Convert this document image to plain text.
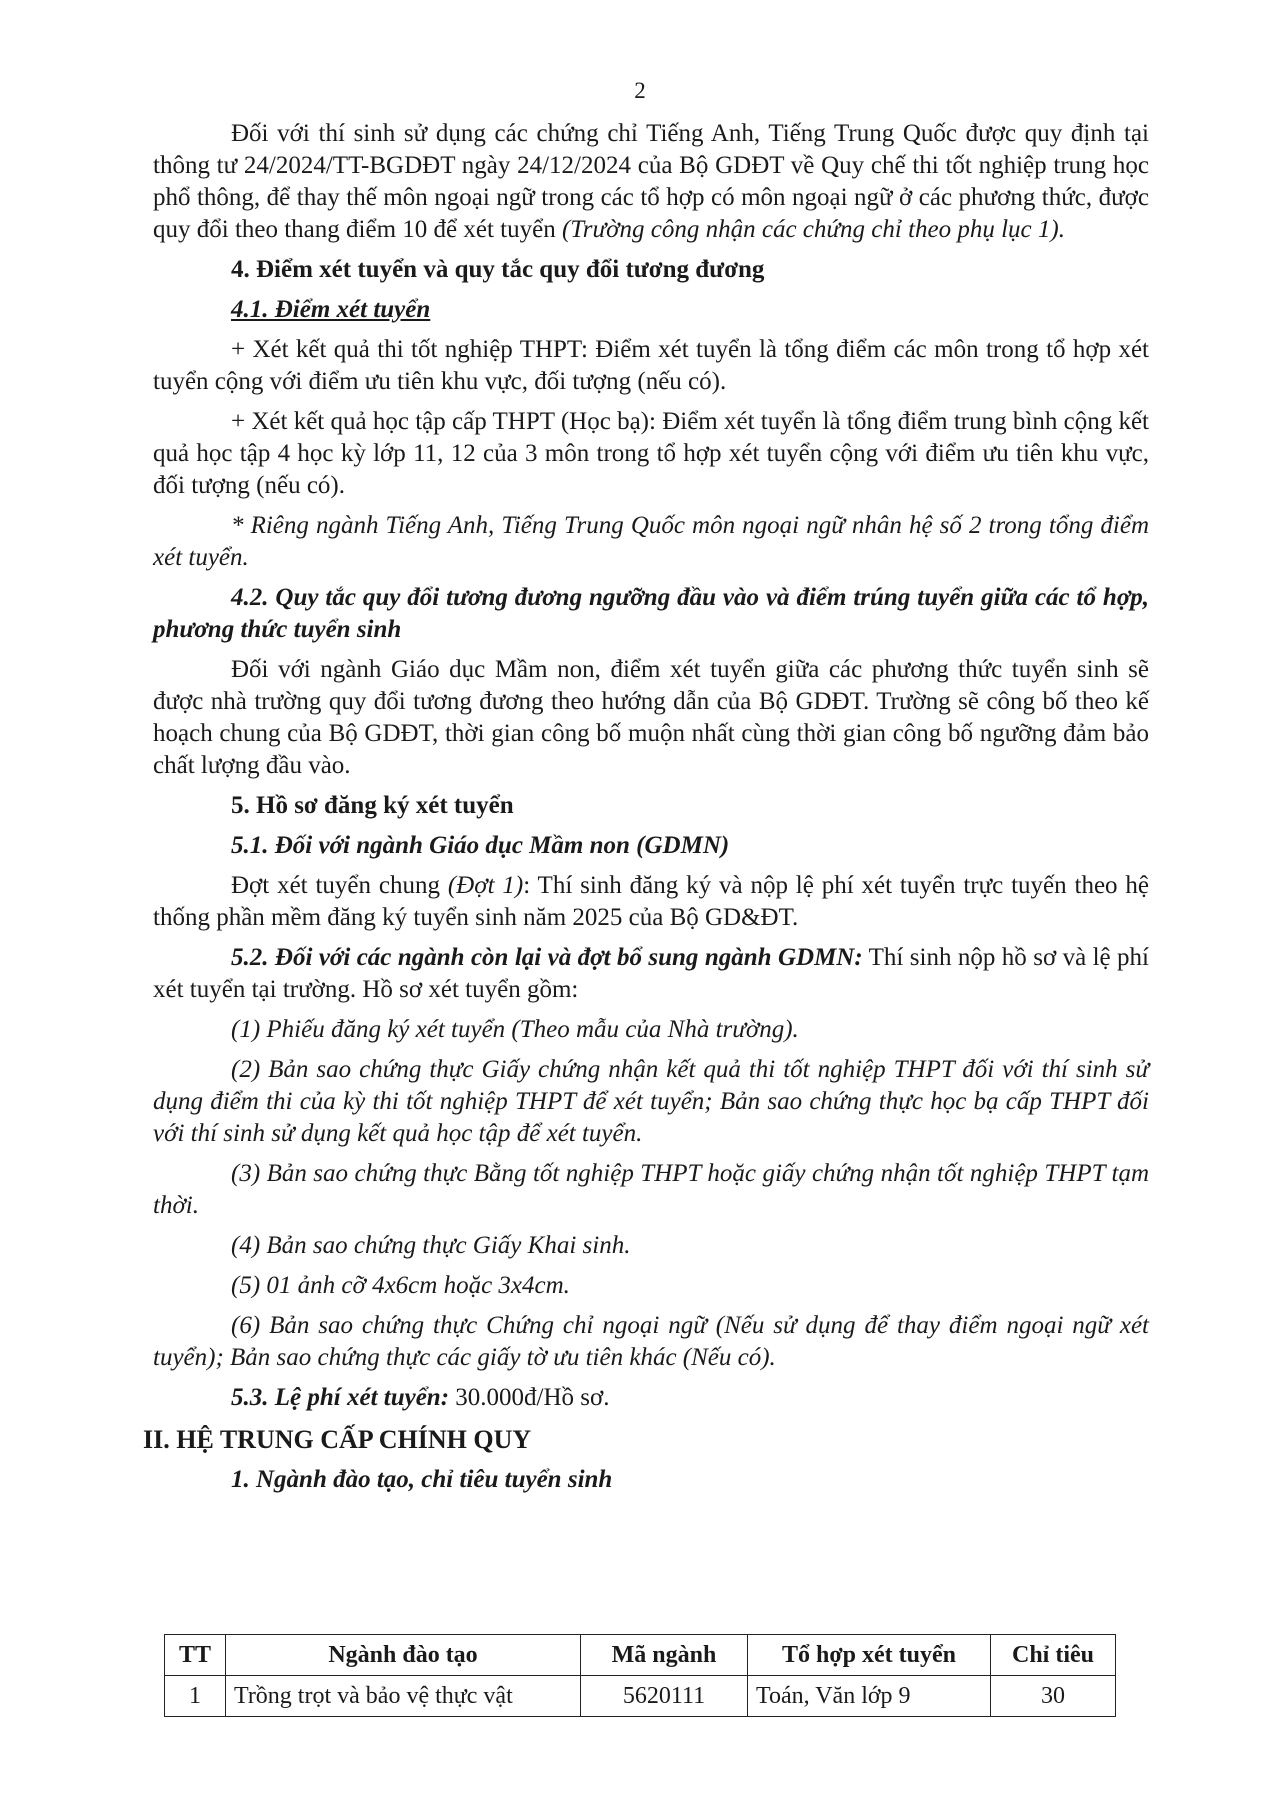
2

Đối với thí sinh sử dụng các chứng chỉ Tiếng Anh, Tiếng Trung Quốc được quy định tại thông tư 24/2024/TT-BGDĐT ngày 24/12/2024 của Bộ GDĐT về Quy chế thi tốt nghiệp trung học phổ thông, để thay thế môn ngoại ngữ trong các tổ hợp có môn ngoại ngữ ở các phương thức, được quy đổi theo thang điểm 10 để xét tuyển (Trường công nhận các chứng chỉ theo phụ lục 1).

4. Điểm xét tuyển và quy tắc quy đổi tương đương

4.1. Điểm xét tuyển

+ Xét kết quả thi tốt nghiệp THPT: Điểm xét tuyển là tổng điểm các môn trong tổ hợp xét tuyển cộng với điểm ưu tiên khu vực, đối tượng (nếu có).

+ Xét kết quả học tập cấp THPT (Học bạ): Điểm xét tuyển là tổng điểm trung bình cộng kết quả học tập 4 học kỳ lớp 11, 12 của 3 môn trong tổ hợp xét tuyển cộng với điểm ưu tiên khu vực, đối tượng (nếu có).

* Riêng ngành Tiếng Anh, Tiếng Trung Quốc môn ngoại ngữ nhân hệ số 2 trong tổng điểm xét tuyển.

4.2. Quy tắc quy đổi tương đương ngưỡng đầu vào và điểm trúng tuyển giữa các tổ hợp, phương thức tuyển sinh

Đối với ngành Giáo dục Mầm non, điểm xét tuyển giữa các phương thức tuyển sinh sẽ được nhà trường quy đổi tương đương theo hướng dẫn của Bộ GDĐT. Trường sẽ công bố theo kế hoạch chung của Bộ GDĐT, thời gian công bố muộn nhất cùng thời gian công bố ngưỡng đảm bảo chất lượng đầu vào.

5. Hồ sơ đăng ký xét tuyển

5.1. Đối với ngành Giáo dục Mầm non (GDMN)

Đợt xét tuyển chung (Đợt 1): Thí sinh đăng ký và nộp lệ phí xét tuyển trực tuyến theo hệ thống phần mềm đăng ký tuyển sinh năm 2025 của Bộ GD&ĐT.

5.2. Đối với các ngành còn lại và đợt bổ sung ngành GDMN: Thí sinh nộp hồ sơ và lệ phí xét tuyển tại trường. Hồ sơ xét tuyển gồm:

(1) Phiếu đăng ký xét tuyển (Theo mẫu của Nhà trường).

(2) Bản sao chứng thực Giấy chứng nhận kết quả thi tốt nghiệp THPT đối với thí sinh sử dụng điểm thi của kỳ thi tốt nghiệp THPT để xét tuyển; Bản sao chứng thực học bạ cấp THPT đối với thí sinh sử dụng kết quả học tập để xét tuyển.

(3) Bản sao chứng thực Bằng tốt nghiệp THPT hoặc giấy chứng nhận tốt nghiệp THPT tạm thời.

(4) Bản sao chứng thực Giấy Khai sinh.

(5) 01 ảnh cỡ 4x6cm hoặc 3x4cm.

(6) Bản sao chứng thực Chứng chỉ ngoại ngữ (Nếu sử dụng để thay điểm ngoại ngữ xét tuyển); Bản sao chứng thực các giấy tờ ưu tiên khác (Nếu có).

5.3. Lệ phí xét tuyển: 30.000đ/Hồ sơ.

II. HỆ TRUNG CẤP CHÍNH QUY

1. Ngành đào tạo, chỉ tiêu tuyển sinh

TT	Ngành đào tạo	Mã ngành	Tổ hợp xét tuyển	Chỉ tiêu
1	Trồng trọt và bảo vệ thực vật	5620111	Toán, Văn lớp 9	30
